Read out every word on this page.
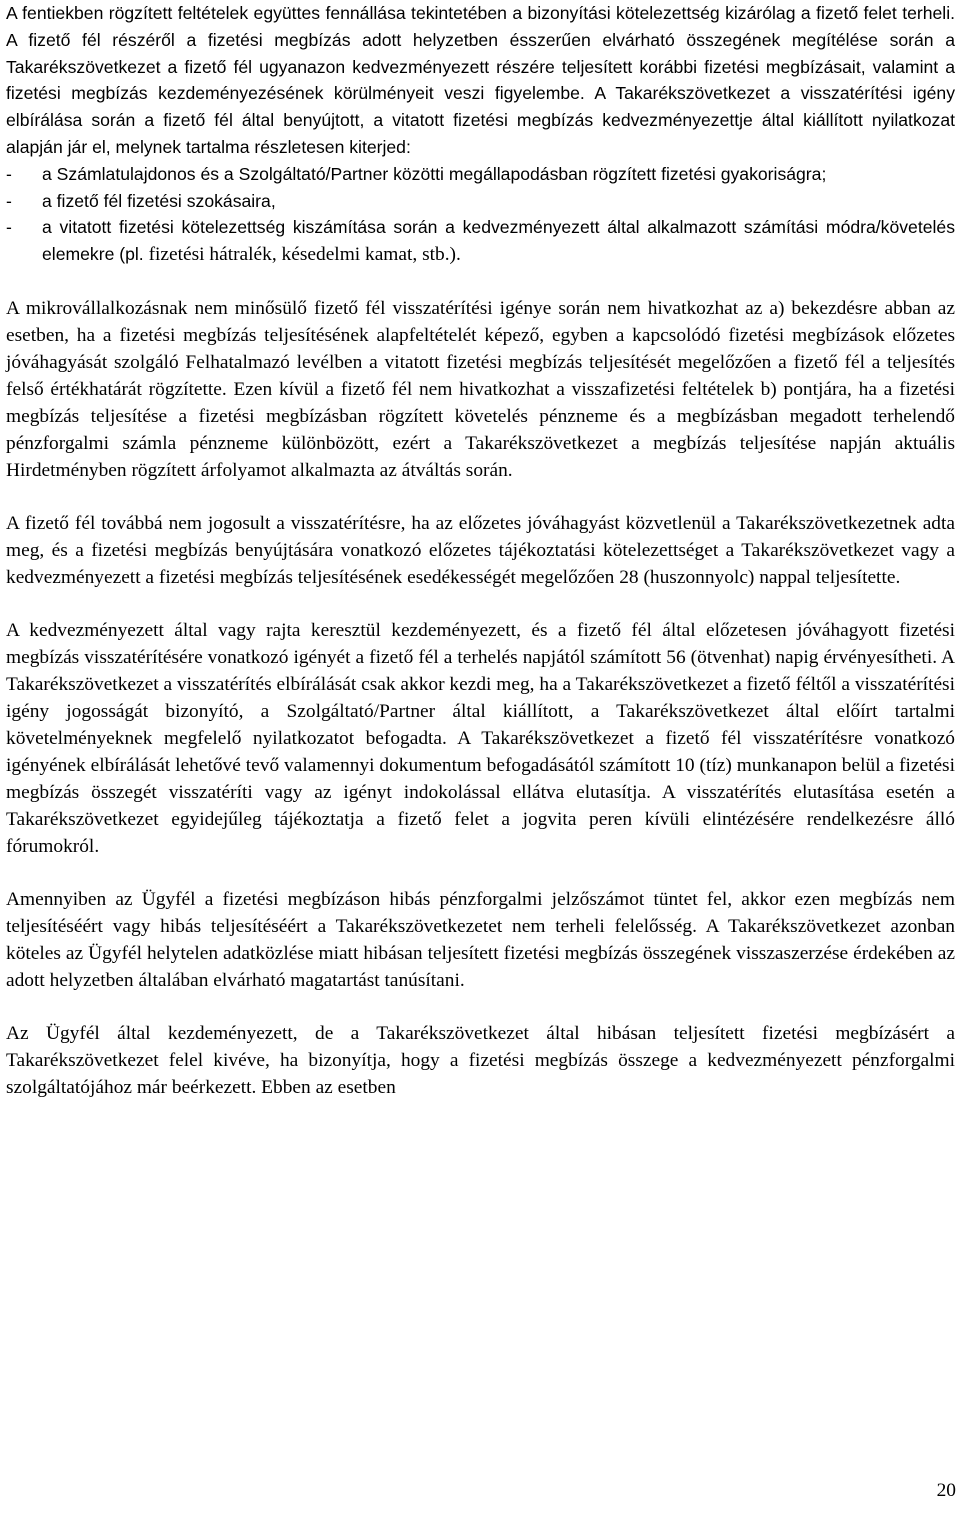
A fentiekben rögzített feltételek együttes fennállása tekintetében a bizonyítási kötelezettség kizárólag a fizető felet terheli. A fizető fél részéről a fizetési megbízás adott helyzetben ésszerűen elvárható összegének megítélése során a Takarékszövetkezet a fizető fél ugyanazon kedvezményezett részére teljesített korábbi fizetési megbízásait, valamint a fizetési megbízás kezdeményezésének körülményeit veszi figyelembe. A Takarékszövetkezet a visszatérítési igény elbírálása során a fizető fél által benyújtott, a vitatott fizetési megbízás kedvezményezettje által kiállított nyilatkozat alapján jár el, melynek tartalma részletesen kiterjed:
- a Számlatulajdonos és a Szolgáltató/Partner közötti megállapodásban rögzített fizetési gyakoriságra;
- a fizető fél fizetési szokásaira,
- a vitatott fizetési kötelezettség kiszámítása során a kedvezményezett által alkalmazott számítási módra/követelés elemekre (pl. fizetési hátralék, késedelmi kamat, stb.).

A mikrovállalkozásnak nem minősülő fizető fél visszatérítési igénye során nem hivatkozhat az a) bekezdésre abban az esetben, ha a fizetési megbízás teljesítésének alapfeltételét képező, egyben a kapcsolódó fizetési megbízások előzetes jóváhagyását szolgáló Felhatalmazó levélben a vitatott fizetési megbízás teljesítését megelőzően a fizető fél a teljesítés felső értékhatárát rögzítette. Ezen kívül a fizető fél nem hivatkozhat a visszafizetési feltételek b) pontjára, ha a fizetési megbízás teljesítése a fizetési megbízásban rögzített követelés pénzneme és a megbízásban megadott terhelendő pénzforgalmi számla pénzneme különbözött, ezért a Takarékszövetkezet a megbízás teljesítése napján aktuális Hirdetményben rögzített árfolyamot alkalmazta az átváltás során.

A fizető fél továbbá nem jogosult a visszatérítésre, ha az előzetes jóváhagyást közvetlenül a Takarékszövetkezetnek adta meg, és a fizetési megbízás benyújtására vonatkozó előzetes tájékoztatási kötelezettséget a Takarékszövetkezet vagy a kedvezményezett a fizetési megbízás teljesítésének esedékességét megelőzően 28 (huszonnyolc) nappal teljesítette.

A kedvezményezett által vagy rajta keresztül kezdeményezett, és a fizető fél által előzetesen jóváhagyott fizetési megbízás visszatérítésére vonatkozó igényét a fizető fél a terhelés napjától számított 56 (ötvenhat) napig érvényesítheti. A Takarékszövetkezet a visszatérítés elbírálását csak akkor kezdi meg, ha a Takarékszövetkezet a fizető féltől a visszatérítési igény jogosságát bizonyító, a Szolgáltató/Partner által kiállított, a Takarékszövetkezet által előírt tartalmi követelményeknek megfelelő nyilatkozatot befogadta. A Takarékszövetkezet a fizető fél visszatérítésre vonatkozó igényének elbírálását lehetővé tevő valamennyi dokumentum befogadásától számított 10 (tíz) munkanapon belül a fizetési megbízás összegét visszatéríti vagy az igényt indokolással ellátva elutasítja. A visszatérítés elutasítása esetén a Takarékszövetkezet egyidejűleg tájékoztatja a fizető felet a jogvita peren kívüli elintézésére rendelkezésre álló fórumokról.

Amennyiben az Ügyfél a fizetési megbízáson hibás pénzforgalmi jelzőszámot tüntet fel, akkor ezen megbízás nem teljesítéséért vagy hibás teljesítéséért a Takarékszövetkezetet nem terheli felelősség. A Takarékszövetkezet azonban köteles az Ügyfél helytelen adatközlése miatt hibásan teljesített fizetési megbízás összegének visszaszerzése érdekében az adott helyzetben általában elvárható magatartást tanúsítani.

Az Ügyfél által kezdeményezett, de a Takarékszövetkezet által hibásan teljesített fizetési megbízásért a Takarékszövetkezet felel kivéve, ha bizonyítja, hogy a fizetési megbízás összege a kedvezményezett pénzforgalmi szolgáltatójához már beérkezett. Ebben az esetben

20
